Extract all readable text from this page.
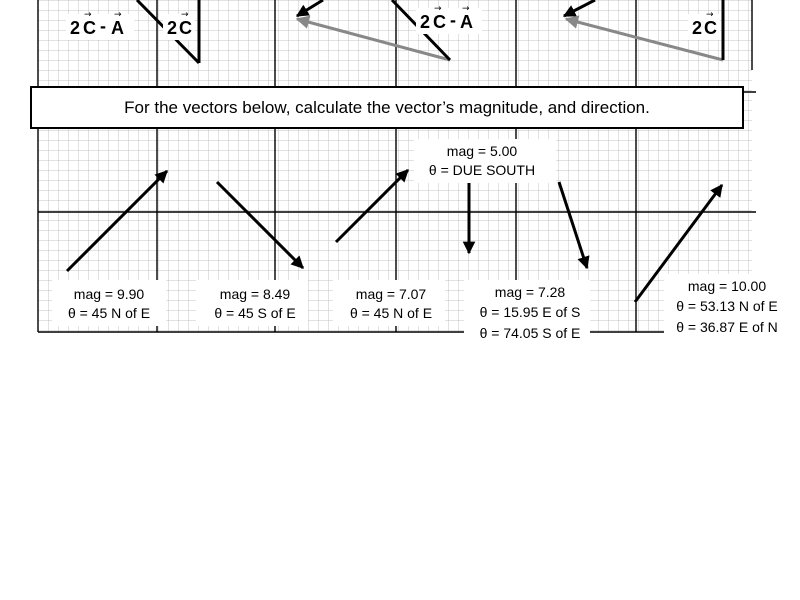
→ →
2 C - A
→
2 C
→ →
2 C - A	→
2 C
mag = 9.90
θ = 45 N of E
mag = 8.49
θ = 45 S of E
mag = 7.07
θ = 45 N of E
mag = 5.00
θ = DUE SOUTH
mag = 7.28
θ = 15.95 E of S
θ = 74.05 S of E
mag = 10.00
θ = 53.13 N of E
θ = 36.87 E of N
For the vectors below, calculate the vector’s magnitude, and direction.
